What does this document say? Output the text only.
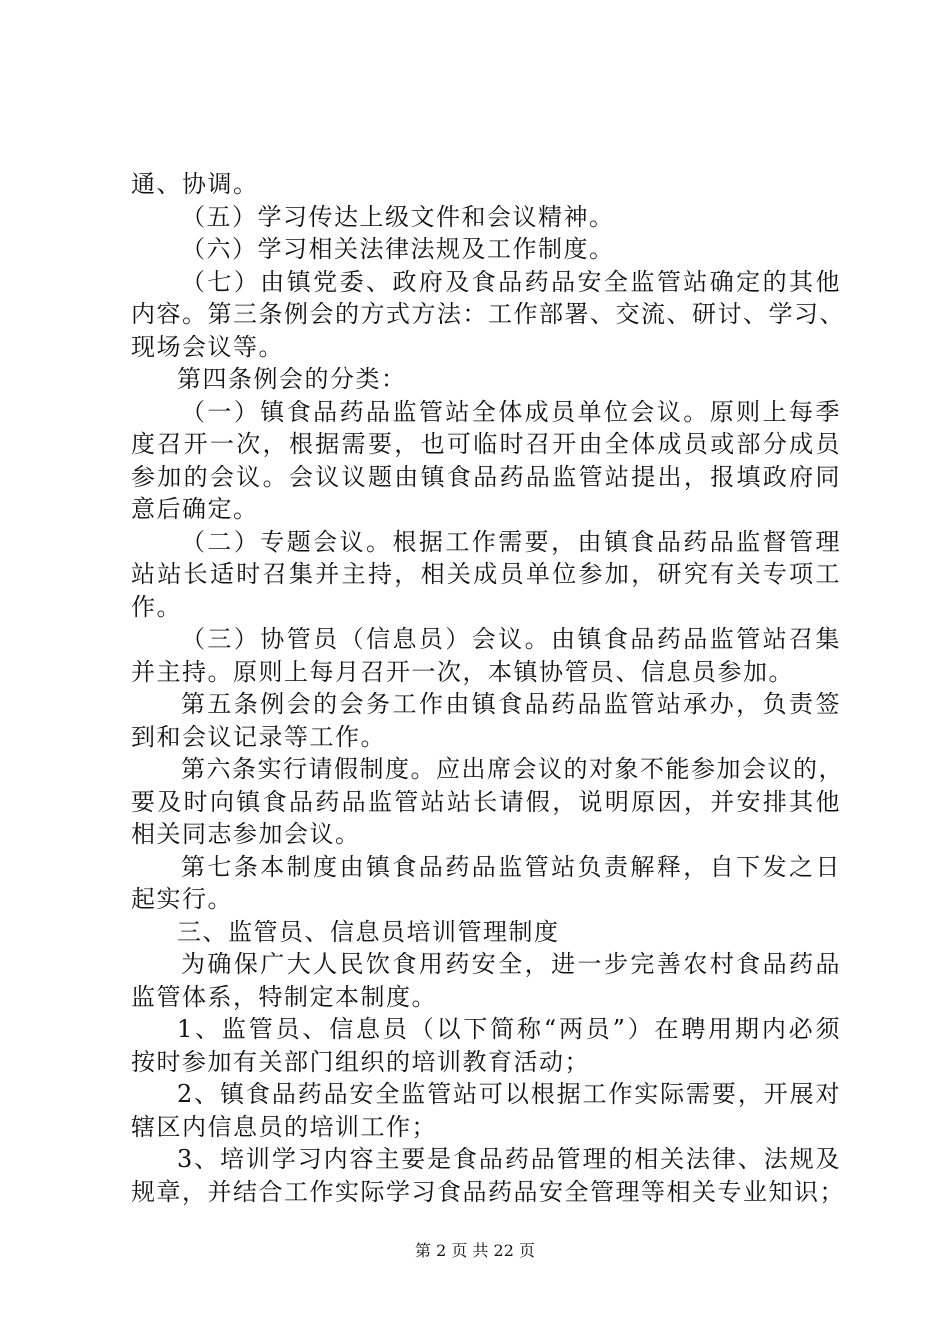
通、协调。
（五）学习传达上级文件和会议精神。
（六）学习相关法律法规及工作制度。
（七）由镇党委、政府及食品药品安全监管站确定的其他
内容。第三条例会的方式方法：工作部署、交流、研讨、学习、
现场会议等。
第四条例会的分类：
（一）镇食品药品监管站全体成员单位会议。原则上每季
度召开一次，根据需要，也可临时召开由全体成员或部分成员
参加的会议。会议议题由镇食品药品监管站提出，报填政府同
意后确定。
（二）专题会议。根据工作需要，由镇食品药品监督管理
站站长适时召集并主持，相关成员单位参加，研究有关专项工
作。
（三）协管员（信息员）会议。由镇食品药品监管站召集
并主持。原则上每月召开一次，本镇协管员、信息员参加。
第五条例会的会务工作由镇食品药品监管站承办，负责签
到和会议记录等工作。
第六条实行请假制度。应出席会议的对象不能参加会议的，
要及时向镇食品药品监管站站长请假，说明原因，并安排其他
相关同志参加会议。
第七条本制度由镇食品药品监管站负责解释，自下发之日
起实行。
三、监管员、信息员培训管理制度
为确保广大人民饮食用药安全，进一步完善农村食品药品
监管体系，特制定本制度。
1、监管员、信息员（以下简称“两员”）在聘用期内必须
按时参加有关部门组织的培训教育活动；
2、镇食品药品安全监管站可以根据工作实际需要，开展对
辖区内信息员的培训工作；
3、培训学习内容主要是食品药品管理的相关法律、法规及
规章，并结合工作实际学习食品药品安全管理等相关专业知识；
第 2 页 共 22 页
